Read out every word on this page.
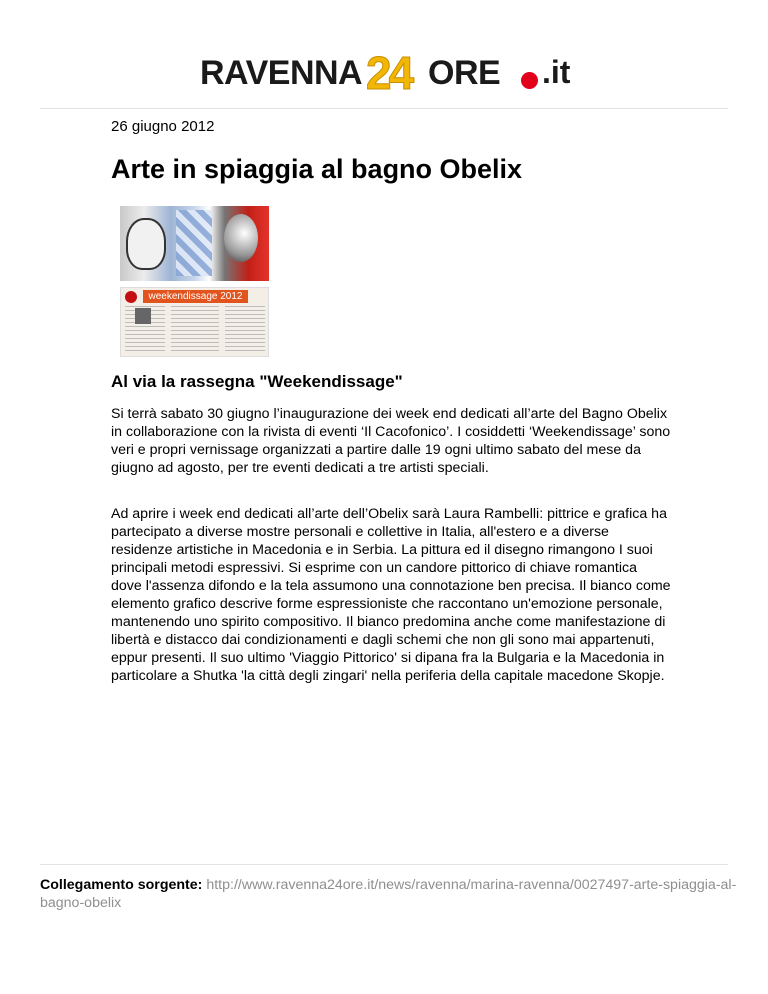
RAVENNA 24 ORE .it
26 giugno 2012
Arte in spiaggia al bagno Obelix
weekendissage 2012
Al via la rassegna "Weekendissage"

Si terrà sabato 30 giugno l’inaugurazione dei week end dedicati all’arte del Bagno Obelix in collaborazione con la rivista di eventi ‘Il Cacofonico’. I cosiddetti ‘Weekendissage’ sono veri e propri vernissage organizzati a partire dalle 19 ogni ultimo sabato del mese da giugno ad agosto, per tre eventi dedicati a tre artisti speciali.

Ad aprire i week end dedicati all’arte dell’Obelix sarà Laura Rambelli: pittrice e grafica ha partecipato a diverse mostre personali e collettive in Italia, all'estero e a diverse residenze artistiche in Macedonia e in Serbia. La pittura ed il disegno rimangono I suoi principali metodi espressivi. Si esprime con un candore pittorico di chiave romantica dove l'assenza difondo e la tela assumono una connotazione ben precisa. Il bianco come elemento grafico descrive forme espressioniste che raccontano un'emozione personale, mantenendo uno spirito compositivo. Il bianco predomina anche come manifestazione di libertà e distacco dai condizionamenti e dagli schemi che non gli sono mai appartenuti, eppur presenti. Il suo ultimo 'Viaggio Pittorico' si dipana fra la Bulgaria e la Macedonia in particolare a Shutka 'la città degli zingari' nella periferia della capitale macedone Skopje.

Collegamento sorgente: http://www.ravenna24ore.it/news/ravenna/marina-ravenna/0027497-arte-spiaggia-al-bagno-obelix
